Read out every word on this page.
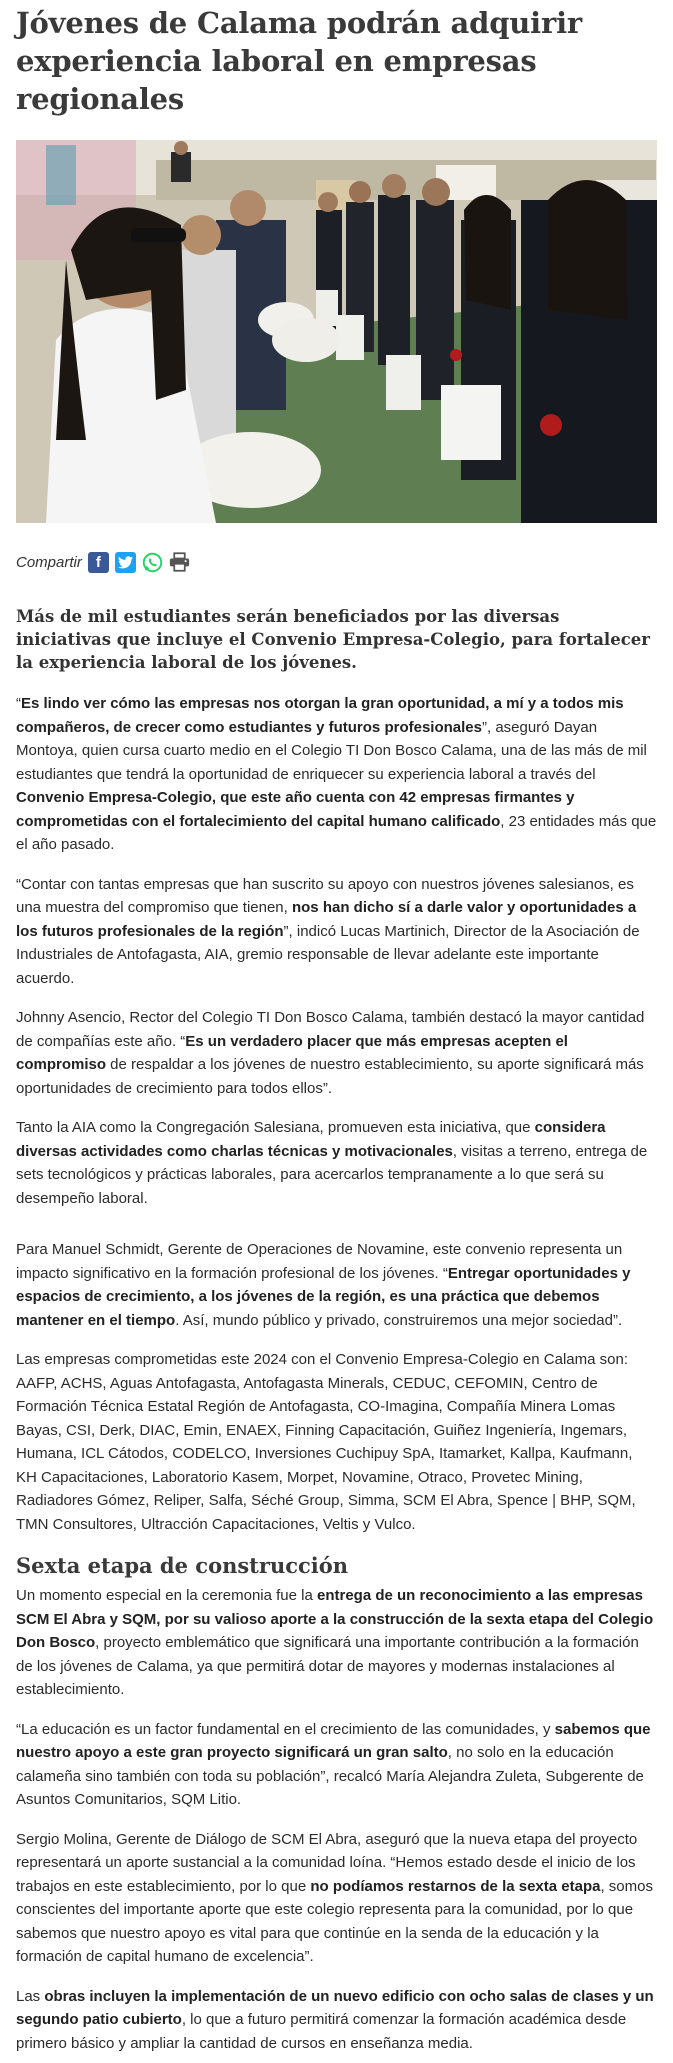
Jóvenes de Calama podrán adquirir experiencia laboral en empresas regionales
Compartir f
Más de mil estudiantes serán beneficiados por las diversas iniciativas que incluye el Convenio Empresa-Colegio, para fortalecer la experiencia laboral de los jóvenes.

“Es lindo ver cómo las empresas nos otorgan la gran oportunidad, a mí y a todos mis compañeros, de crecer como estudiantes y futuros profesionales”, aseguró Dayan Montoya, quien cursa cuarto medio en el Colegio TI Don Bosco Calama, una de las más de mil estudiantes que tendrá la oportunidad de enriquecer su experiencia laboral a través del Convenio Empresa-Colegio, que este año cuenta con 42 empresas firmantes y comprometidas con el fortalecimiento del capital humano calificado, 23 entidades más que el año pasado.

“Contar con tantas empresas que han suscrito su apoyo con nuestros jóvenes salesianos, es una muestra del compromiso que tienen, nos han dicho sí a darle valor y oportunidades a los futuros profesionales de la región”, indicó Lucas Martinich, Director de la Asociación de Industriales de Antofagasta, AIA, gremio responsable de llevar adelante este importante acuerdo.

Johnny Asencio, Rector del Colegio TI Don Bosco Calama, también destacó la mayor cantidad de compañías este año. “Es un verdadero placer que más empresas acepten el compromiso de respaldar a los jóvenes de nuestro establecimiento, su aporte significará más oportunidades de crecimiento para todos ellos”.

Tanto la AIA como la Congregación Salesiana, promueven esta iniciativa, que considera diversas actividades como charlas técnicas y motivacionales, visitas a terreno, entrega de sets tecnológicos y prácticas laborales, para acercarlos tempranamente a lo que será su desempeño laboral.

Para Manuel Schmidt, Gerente de Operaciones de Novamine, este convenio representa un impacto significativo en la formación profesional de los jóvenes. “Entregar oportunidades y espacios de crecimiento, a los jóvenes de la región, es una práctica que debemos mantener en el tiempo. Así, mundo público y privado, construiremos una mejor sociedad”.

Las empresas comprometidas este 2024 con el Convenio Empresa-Colegio en Calama son: AAFP, ACHS, Aguas Antofagasta, Antofagasta Minerals, CEDUC, CEFOMIN, Centro de Formación Técnica Estatal Región de Antofagasta, CO-Imagina, Compañía Minera Lomas Bayas, CSI, Derk, DIAC, Emin, ENAEX, Finning Capacitación, Guiñez Ingeniería, Ingemars, Humana, ICL Cátodos, CODELCO, Inversiones Cuchipuy SpA, Itamarket, Kallpa, Kaufmann, KH Capacitaciones, Laboratorio Kasem, Morpet, Novamine, Otraco, Provetec Mining, Radiadores Gómez, Reliper, Salfa, Séché Group, Simma, SCM El Abra, Spence | BHP, SQM, TMN Consultores, Ultracción Capacitaciones, Veltis y Vulco.

Sexta etapa de construcción

Un momento especial en la ceremonia fue la entrega de un reconocimiento a las empresas SCM El Abra y SQM, por su valioso aporte a la construcción de la sexta etapa del Colegio Don Bosco, proyecto emblemático que significará una importante contribución a la formación de los jóvenes de Calama, ya que permitirá dotar de mayores y modernas instalaciones al establecimiento.

“La educación es un factor fundamental en el crecimiento de las comunidades, y sabemos que nuestro apoyo a este gran proyecto significará un gran salto, no solo en la educación calameña sino también con toda su población”, recalcó María Alejandra Zuleta, Subgerente de Asuntos Comunitarios, SQM Litio.

Sergio Molina, Gerente de Diálogo de SCM El Abra, aseguró que la nueva etapa del proyecto representará un aporte sustancial a la comunidad loína. “Hemos estado desde el inicio de los trabajos en este establecimiento, por lo que no podíamos restarnos de la sexta etapa, somos conscientes del importante aporte que este colegio representa para la comunidad, por lo que sabemos que nuestro apoyo es vital para que continúe en la senda de la educación y la formación de capital humano de excelencia”.

Las obras incluyen la implementación de un nuevo edificio con ocho salas de clases y un segundo patio cubierto, lo que a futuro permitirá comenzar la formación académica desde primero básico y ampliar la cantidad de cursos en enseñanza media.
